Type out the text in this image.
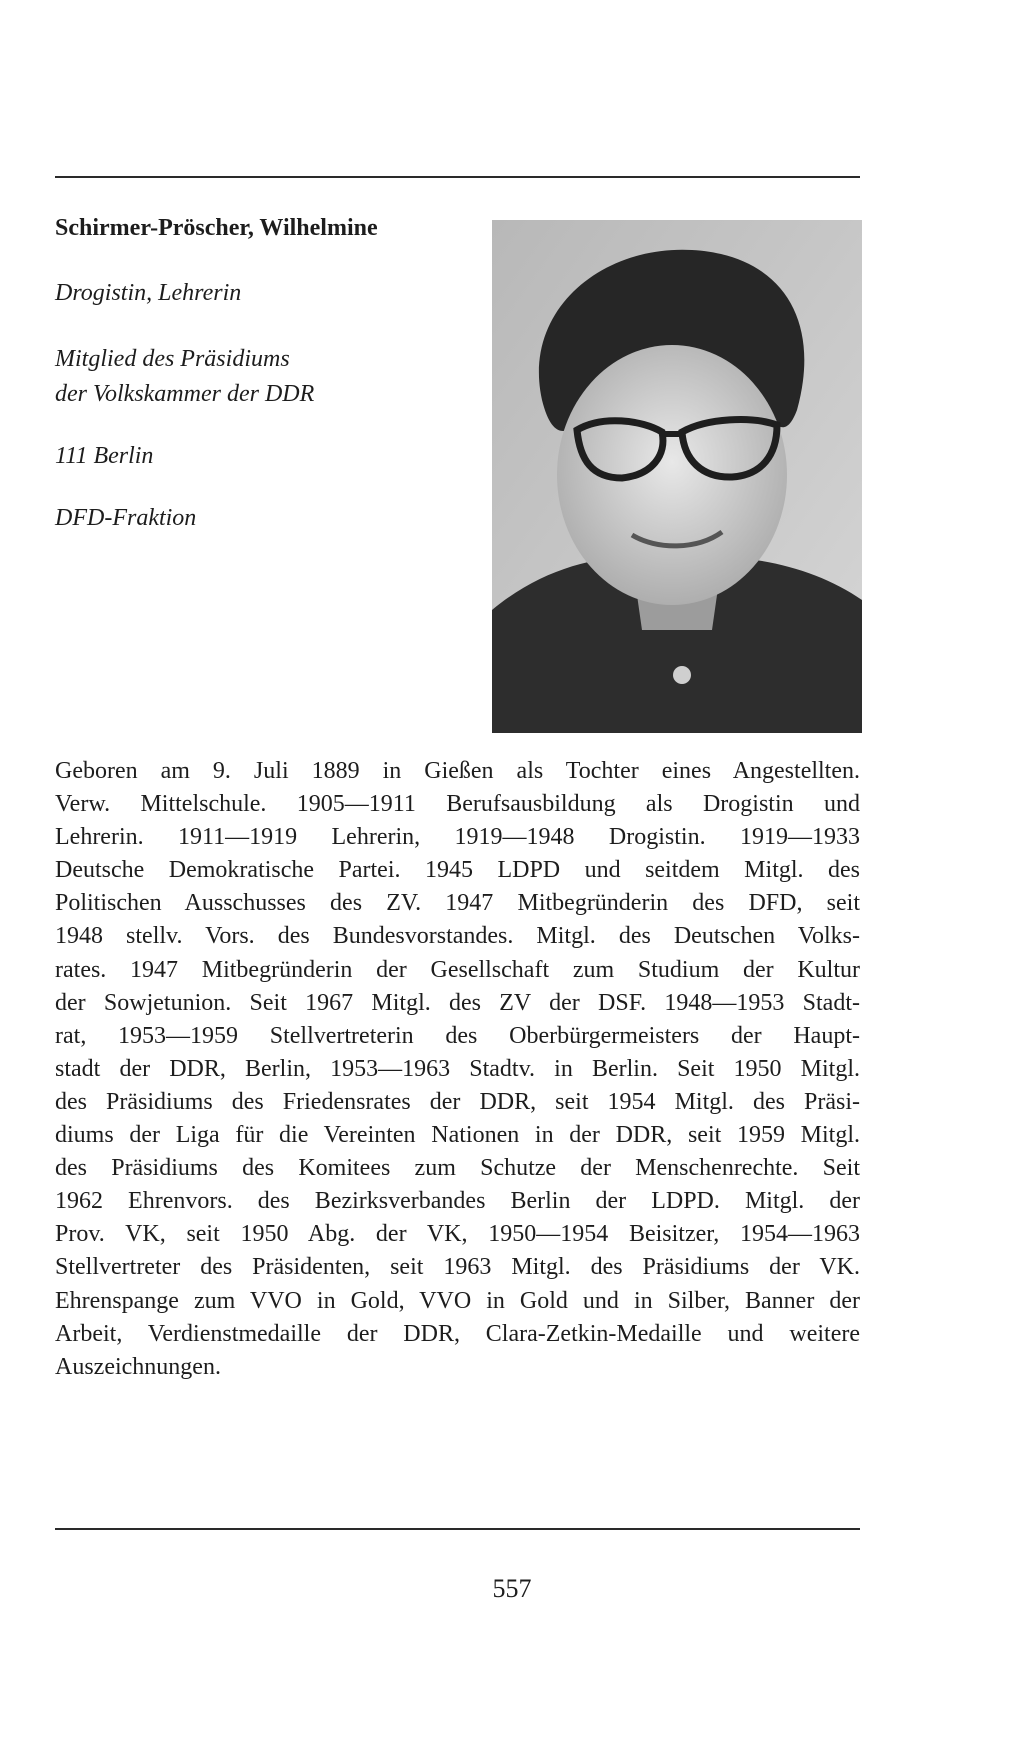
Schirmer-Pröscher, Wilhelmine
Drogistin, Lehrerin
Mitglied des Präsidiums
der Volkskammer der DDR
111 Berlin
DFD-Fraktion
Geboren am 9. Juli 1889 in Gießen als Tochter eines Angestellten.
Verw. Mittelschule. 1905—1911 Berufsausbildung als Drogistin und
Lehrerin. 1911—1919 Lehrerin, 1919—1948 Drogistin. 1919—1933
Deutsche Demokratische Partei. 1945 LDPD und seitdem Mitgl. des
Politischen Ausschusses des ZV. 1947 Mitbegründerin des DFD, seit
1948 stellv. Vors. des Bundesvorstandes. Mitgl. des Deutschen Volks-
rates. 1947 Mitbegründerin der Gesellschaft zum Studium der Kultur
der Sowjetunion. Seit 1967 Mitgl. des ZV der DSF. 1948—1953 Stadt-
rat, 1953—1959 Stellvertreterin des Oberbürgermeisters der Haupt-
stadt der DDR, Berlin, 1953—1963 Stadtv. in Berlin. Seit 1950 Mitgl.
des Präsidiums des Friedensrates der DDR, seit 1954 Mitgl. des Präsi-
diums der Liga für die Vereinten Nationen in der DDR, seit 1959 Mitgl.
des Präsidiums des Komitees zum Schutze der Menschenrechte. Seit
1962 Ehrenvors. des Bezirksverbandes Berlin der LDPD. Mitgl. der
Prov. VK, seit 1950 Abg. der VK, 1950—1954 Beisitzer, 1954—1963
Stellvertreter des Präsidenten, seit 1963 Mitgl. des Präsidiums der VK.
Ehrenspange zum VVO in Gold, VVO in Gold und in Silber, Banner der
Arbeit, Verdienstmedaille der DDR, Clara-Zetkin-Medaille und weitere
Auszeichnungen.
557
